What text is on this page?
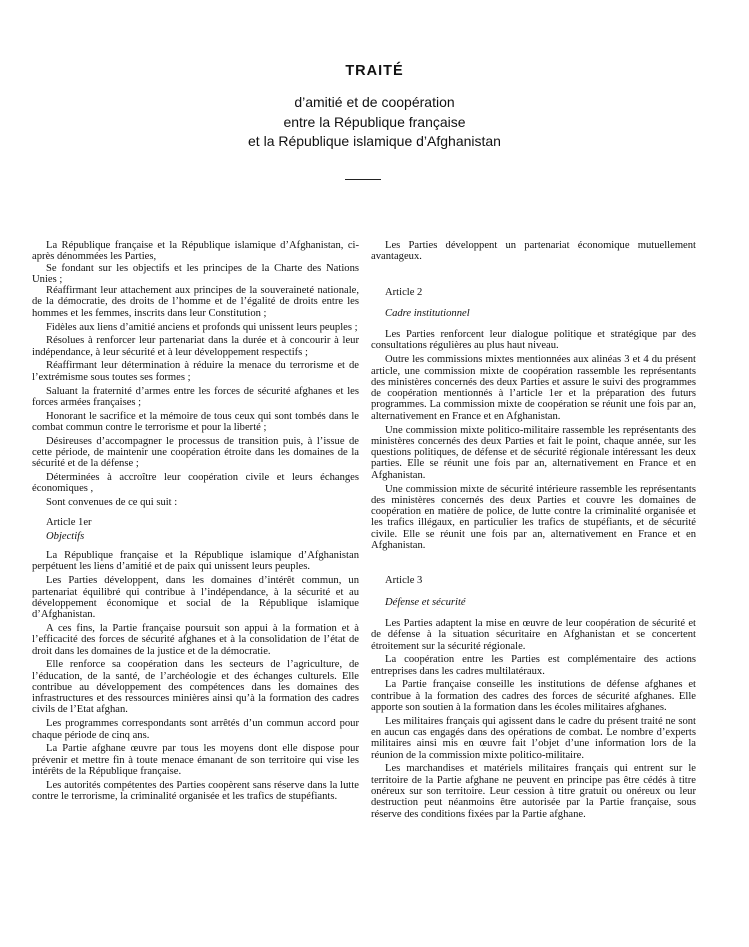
TRAITÉ
d’amitié et de coopération
entre la République française
et la République islamique d’Afghanistan

La République française et la République islamique d’Afghanistan, ci-après dénommées les Parties,

Se fondant sur les objectifs et les principes de la Charte des Nations Unies ;

Réaffirmant leur attachement aux principes de la souveraineté nationale, de la démocratie, des droits de l’homme et de l’égalité de droits entre les hommes et les femmes, inscrits dans leur Constitution ;

Fidèles aux liens d’amitié anciens et profonds qui unissent leurs peuples ;

Résolues à renforcer leur partenariat dans la durée et à concourir à leur indépendance, à leur sécurité et à leur développement respectifs ;

Réaffirmant leur détermination à réduire la menace du terrorisme et de l’extrémisme sous toutes ses formes ;

Saluant la fraternité d’armes entre les forces de sécurité afghanes et les forces armées françaises ;

Honorant le sacrifice et la mémoire de tous ceux qui sont tombés dans le combat commun contre le terrorisme et pour la liberté ;

Désireuses d’accompagner le processus de transition puis, à l’issue de cette période, de maintenir une coopération étroite dans les domaines de la sécurité et de la défense ;

Déterminées à accroître leur coopération civile et leurs échanges économiques ,

Sont convenues de ce qui suit :

Article 1er

Objectifs

La République française et la République islamique d’Afghanistan perpétuent les liens d’amitié et de paix qui unissent leurs peuples.

Les Parties développent, dans les domaines d’intérêt commun, un partenariat équilibré qui contribue à l’indépendance, à la sécurité et au développement économique et social de la République islamique d’Afghanistan.

A ces fins, la Partie française poursuit son appui à la formation et à l’efficacité des forces de sécurité afghanes et à la consolidation de l’état de droit dans les domaines de la justice et de la démocratie.

Elle renforce sa coopération dans les secteurs de l’agriculture, de l’éducation, de la santé, de l’archéologie et des échanges culturels. Elle contribue au développement des compétences dans les domaines des infrastructures et des ressources minières ainsi qu’à la formation des cadres civils de l’Etat afghan.

Les programmes correspondants sont arrêtés d’un commun accord pour chaque période de cinq ans.

La Partie afghane œuvre par tous les moyens dont elle dispose pour prévenir et mettre fin à toute menace émanant de son territoire qui vise les intérêts de la République française.

Les autorités compétentes des Parties coopèrent sans réserve dans la lutte contre le terrorisme, la criminalité organisée et les trafics de stupéfiants.

Les Parties développent un partenariat économique mutuellement avantageux.

Article 2

Cadre institutionnel

Les Parties renforcent leur dialogue politique et stratégique par des consultations régulières au plus haut niveau.

Outre les commissions mixtes mentionnées aux alinéas 3 et 4 du présent article, une commission mixte de coopération rassemble les représentants des ministères concernés des deux Parties et assure le suivi des programmes de coopération mentionnés à l’article 1er et la préparation des futurs programmes. La commission mixte de coopération se réunit une fois par an, alternativement en France et en Afghanistan.

Une commission mixte politico-militaire rassemble les représentants des ministères concernés des deux Parties et fait le point, chaque année, sur les questions politiques, de défense et de sécurité régionale intéressant les deux parties. Elle se réunit une fois par an, alternativement en France et en Afghanistan.

Une commission mixte de sécurité intérieure rassemble les représentants des ministères concernés des deux Parties et couvre les domaines de coopération en matière de police, de lutte contre la criminalité organisée et les trafics illégaux, en particulier les trafics de stupéfiants, et de sécurité civile. Elle se réunit une fois par an, alternativement en France et en Afghanistan.

Article 3

Défense et sécurité

Les Parties adaptent la mise en œuvre de leur coopération de sécurité et de défense à la situation sécuritaire en Afghanistan et se concertent étroitement sur la sécurité régionale.

La coopération entre les Parties est complémentaire des actions entreprises dans les cadres multilatéraux.

La Partie française conseille les institutions de défense afghanes et contribue à la formation des cadres des forces de sécurité afghanes. Elle apporte son soutien à la formation dans les écoles militaires afghanes.

Les militaires français qui agissent dans le cadre du présent traité ne sont en aucun cas engagés dans des opérations de combat. Le nombre d’experts militaires ainsi mis en œuvre fait l’objet d’une information lors de la réunion de la commission mixte politico-militaire.

Les marchandises et matériels militaires français qui entrent sur le territoire de la Partie afghane ne peuvent en principe pas être cédés à titre onéreux sur son territoire. Leur cession à titre gratuit ou onéreux ou leur destruction peut néanmoins être autorisée par la Partie française, sous réserve des conditions fixées par la Partie afghane.
